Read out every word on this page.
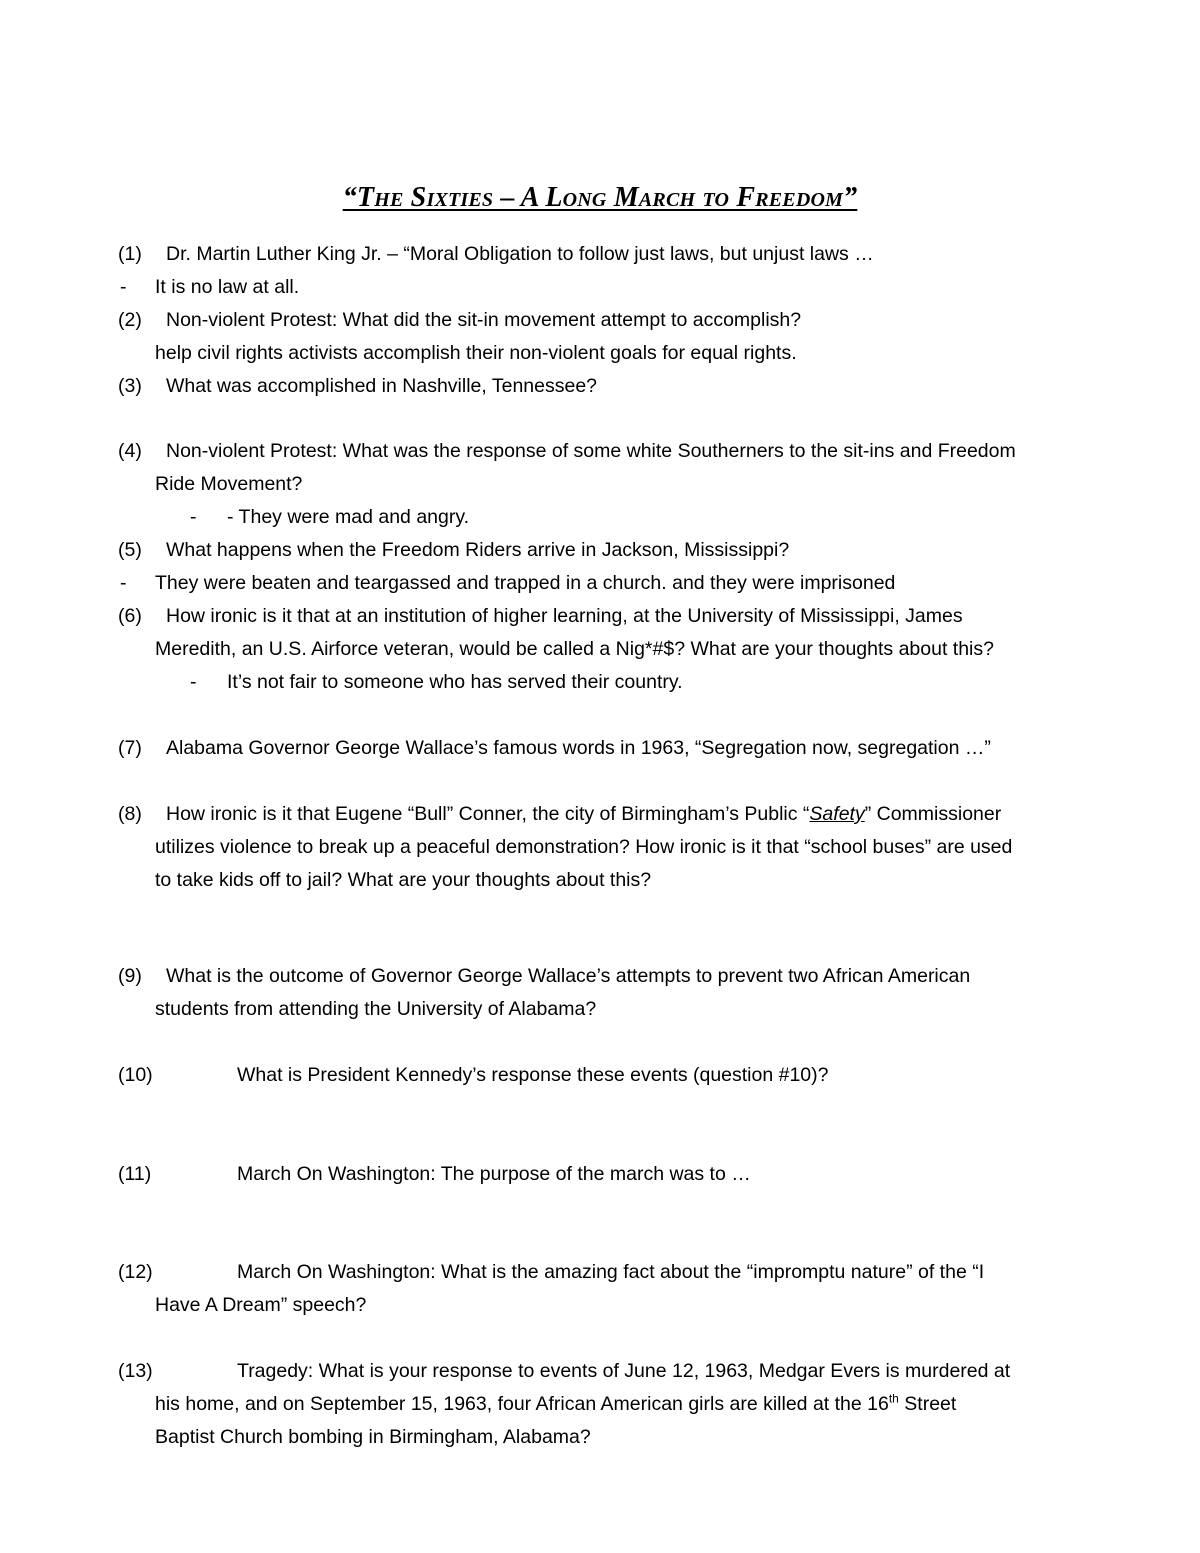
“The Sixties – A Long March to Freedom”
(1) Dr. Martin Luther King Jr. – “Moral Obligation to follow just laws, but unjust laws …
- It is no law at all.
(2) Non-violent Protest: What did the sit-in movement attempt to accomplish?
help civil rights activists accomplish their non-violent goals for equal rights.
(3) What was accomplished in Nashville, Tennessee?
(4) Non-violent Protest: What was the response of some white Southerners to the sit-ins and Freedom
Ride Movement?
- - They were mad and angry.
(5) What happens when the Freedom Riders arrive in Jackson, Mississippi?
- They were beaten and teargassed and trapped in a church. and they were imprisoned
(6) How ironic is it that at an institution of higher learning, at the University of Mississippi, James
Meredith, an U.S. Airforce veteran, would be called a Nig*#$? What are your thoughts about this?
- It’s not fair to someone who has served their country.
(7) Alabama Governor George Wallace’s famous words in 1963, “Segregation now, segregation …”
(8) How ironic is it that Eugene “Bull” Conner, the city of Birmingham’s Public “Safety” Commissioner
utilizes violence to break up a peaceful demonstration? How ironic is it that “school buses” are used
to take kids off to jail? What are your thoughts about this?
(9) What is the outcome of Governor George Wallace’s attempts to prevent two African American
students from attending the University of Alabama?
(10)	What is President Kennedy’s response these events (question #10)?
(11)	March On Washington: The purpose of the march was to …
(12)	March On Washington: What is the amazing fact about the “impromptu nature” of the “I
Have A Dream” speech?
(13)	Tragedy: What is your response to events of June 12, 1963, Medgar Evers is murdered at
his home, and on September 15, 1963, four African American girls are killed at the 16th Street
Baptist Church bombing in Birmingham, Alabama?
